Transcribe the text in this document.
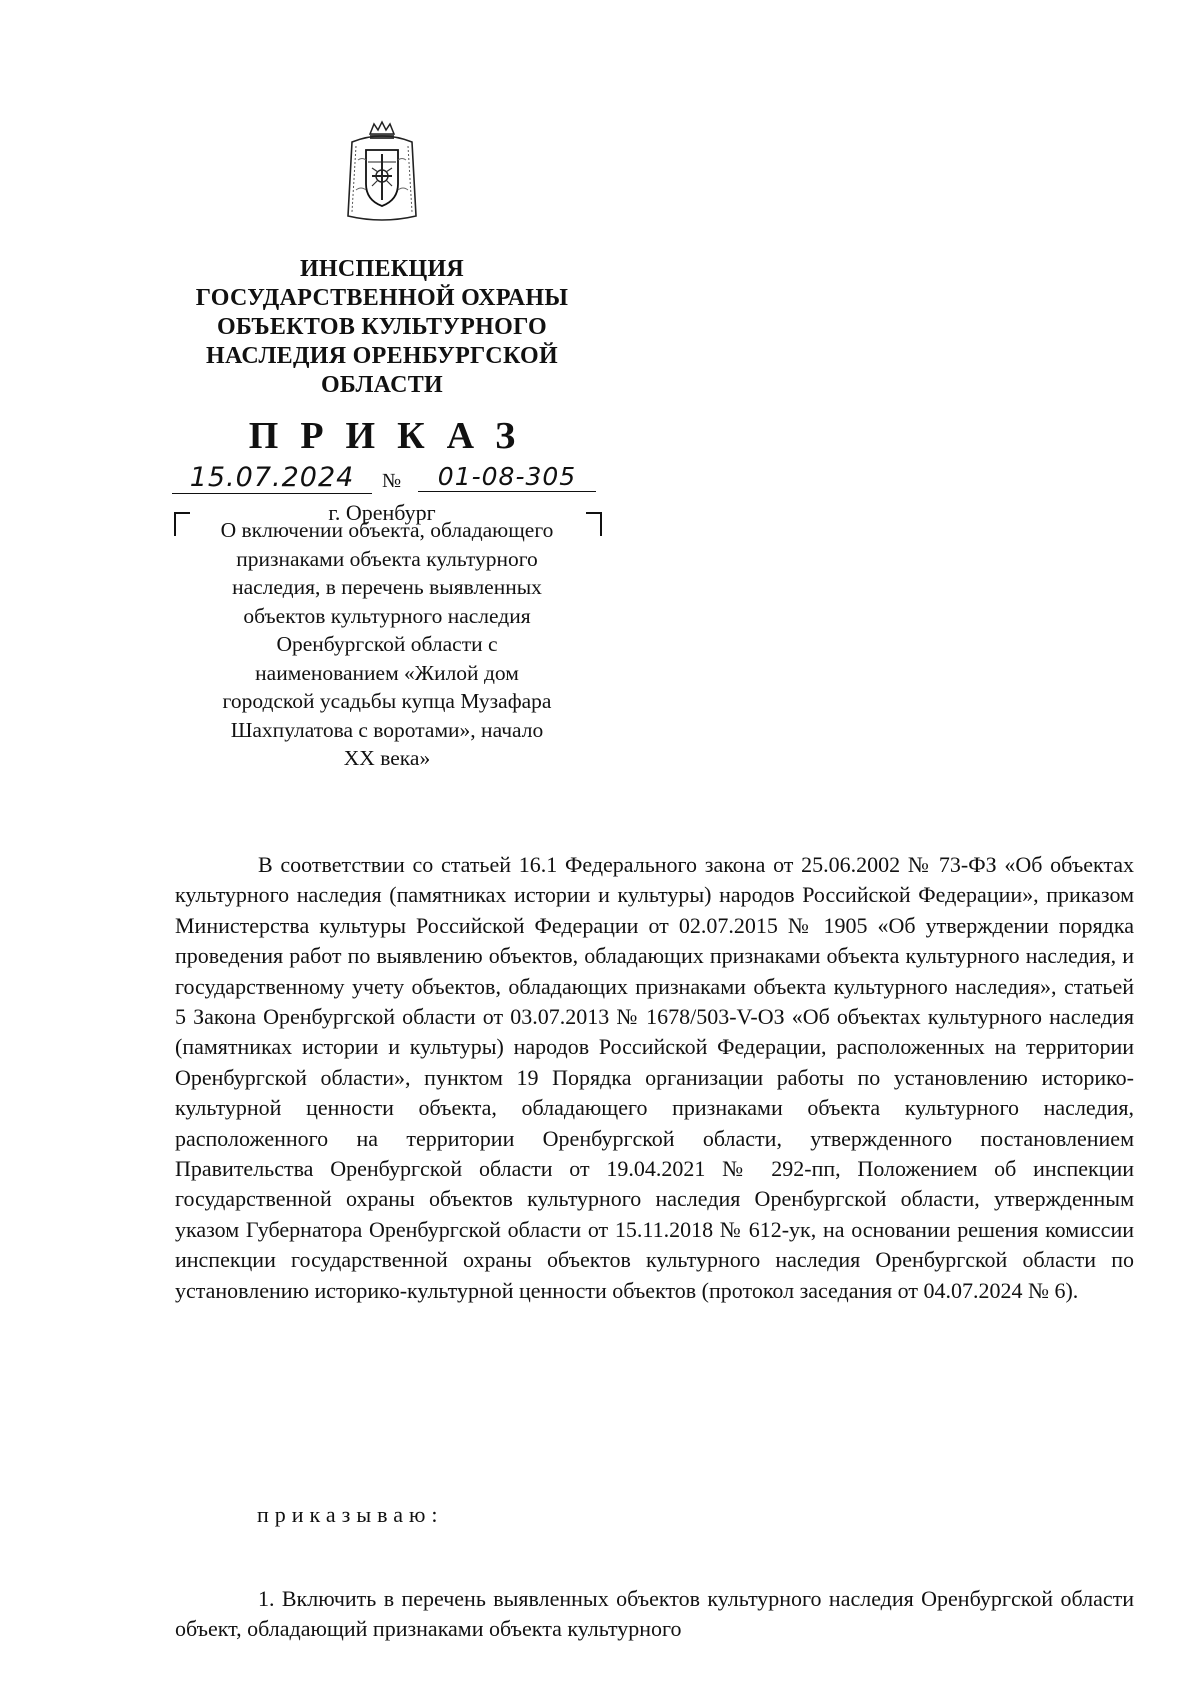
ИНСПЕКЦИЯ
ГОСУДАРСТВЕННОЙ ОХРАНЫ
ОБЪЕКТОВ КУЛЬТУРНОГО
НАСЛЕДИЯ ОРЕНБУРГСКОЙ
ОБЛАСТИ
ПРИКАЗ
15.07.2024	№	01-08-305
г. Оренбург
О включении объекта, обладающего
признаками объекта культурного
наследия, в перечень выявленных
объектов культурного наследия
Оренбургской области с
наименованием «Жилой дом
городской усадьбы купца Музафара
Шахпулатова с воротами», начало
XX века»

В соответствии со статьей 16.1 Федерального закона от 25.06.2002 № 73-ФЗ «Об объектах культурного наследия (памятниках истории и культуры) народов Российской Федерации», приказом Министерства культуры Российской Федерации от 02.07.2015 № 1905 «Об утверждении порядка проведения работ по выявлению объектов, обладающих признаками объекта культурного наследия, и государственному учету объектов, обладающих признаками объекта культурного наследия», статьей 5 Закона Оренбургской области от 03.07.2013 № 1678/503-V-ОЗ «Об объектах культурного наследия (памятниках истории и культуры) народов Российской Федерации, расположенных на территории Оренбургской области», пунктом 19 Порядка организации работы по установлению историко-культурной ценности объекта, обладающего признаками объекта культурного наследия, расположенного на территории Оренбургской области, утвержденного постановлением Правительства Оренбургской области от 19.04.2021 № 292-пп, Положением об инспекции государственной охраны объектов культурного наследия Оренбургской области, утвержденным указом Губернатора Оренбургской области от 15.11.2018 № 612-ук, на основании решения комиссии инспекции государственной охраны объектов культурного наследия Оренбургской области по установлению историко-культурной ценности объектов (протокол заседания от 04.07.2024 № 6).

приказываю:

1. Включить в перечень выявленных объектов культурного наследия Оренбургской области объект, обладающий признаками объекта культурного
